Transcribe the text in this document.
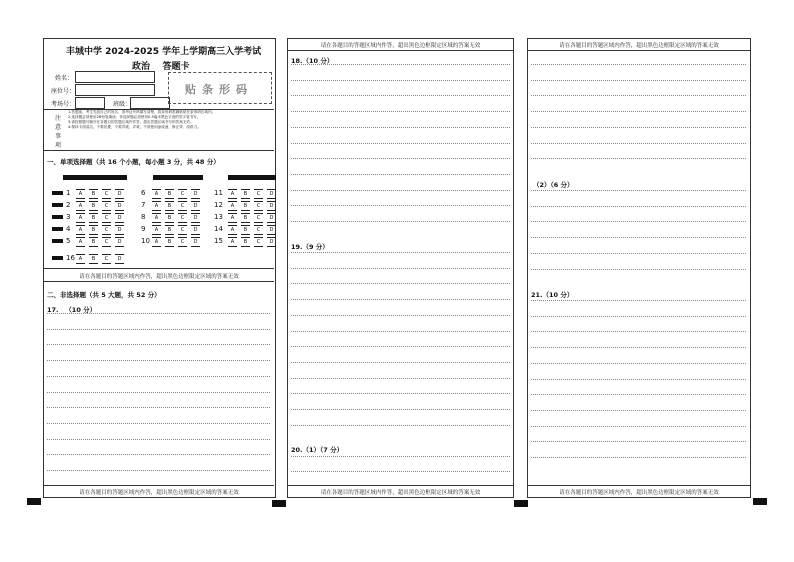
丰城中学 2024-2025 学年上学期高三入学考试
政治    答题卡
姓名：
座位号：
考场号：	班级：
贴条形码
注
意
事
项
1.答题前，考生先将自己的姓名、准考证号码填写清楚，将条形码准确粘贴在条形码区域内。
2.选择题必须使用2B铅笔填涂；非选择题必须使用0.5毫米黑色字迹的签字笔书写。
3.请按照题号顺序在各题目的答题区域内作答，超出答题区域书写的答案无效。
4.保持卡面清洁，不要折叠，不要弄破、弄皱，不准使用涂改液、修正带、刮纸刀。
一、单项选择题（共 16 个小题，每小题 3 分，共 48 分）
1	A	B	C	D
2	A	B	C	D
3	A	B	C	D
4	A	B	C	D
5	A	B	C	D
6	A	B	C	D
7	A	B	C	D
8	A	B	C	D
9	A	B	C	D
10 A	B	C	D
11	A	B	C	D
12	A	B	C	D
13	A	B	C	D
14	A	B	C	D
15	A	B	C	D
16 A	B	C	D
请在各题目的答题区域内作答，超出黑色边框限定区域的答案无效
二、非选择题（共 5 大题，共 52 分）
17.   （10 分）
请在各题目的答题区域内作答，超出黑色边框限定区域的答案无效
请在各题目的答题区域内作答，超出黑色边框限定区域的答案无效
18.（10 分）
19.（9 分）
20.（1）（7 分）
请在各题目的答题区域内作答，超出黑色边框限定区域的答案无效
请在各题目的答题区域内作答，超出黑色边框限定区域的答案无效
（2）（6 分）
21.（10 分）
请在各题目的答题区域内作答，超出黑色边框限定区域的答案无效
